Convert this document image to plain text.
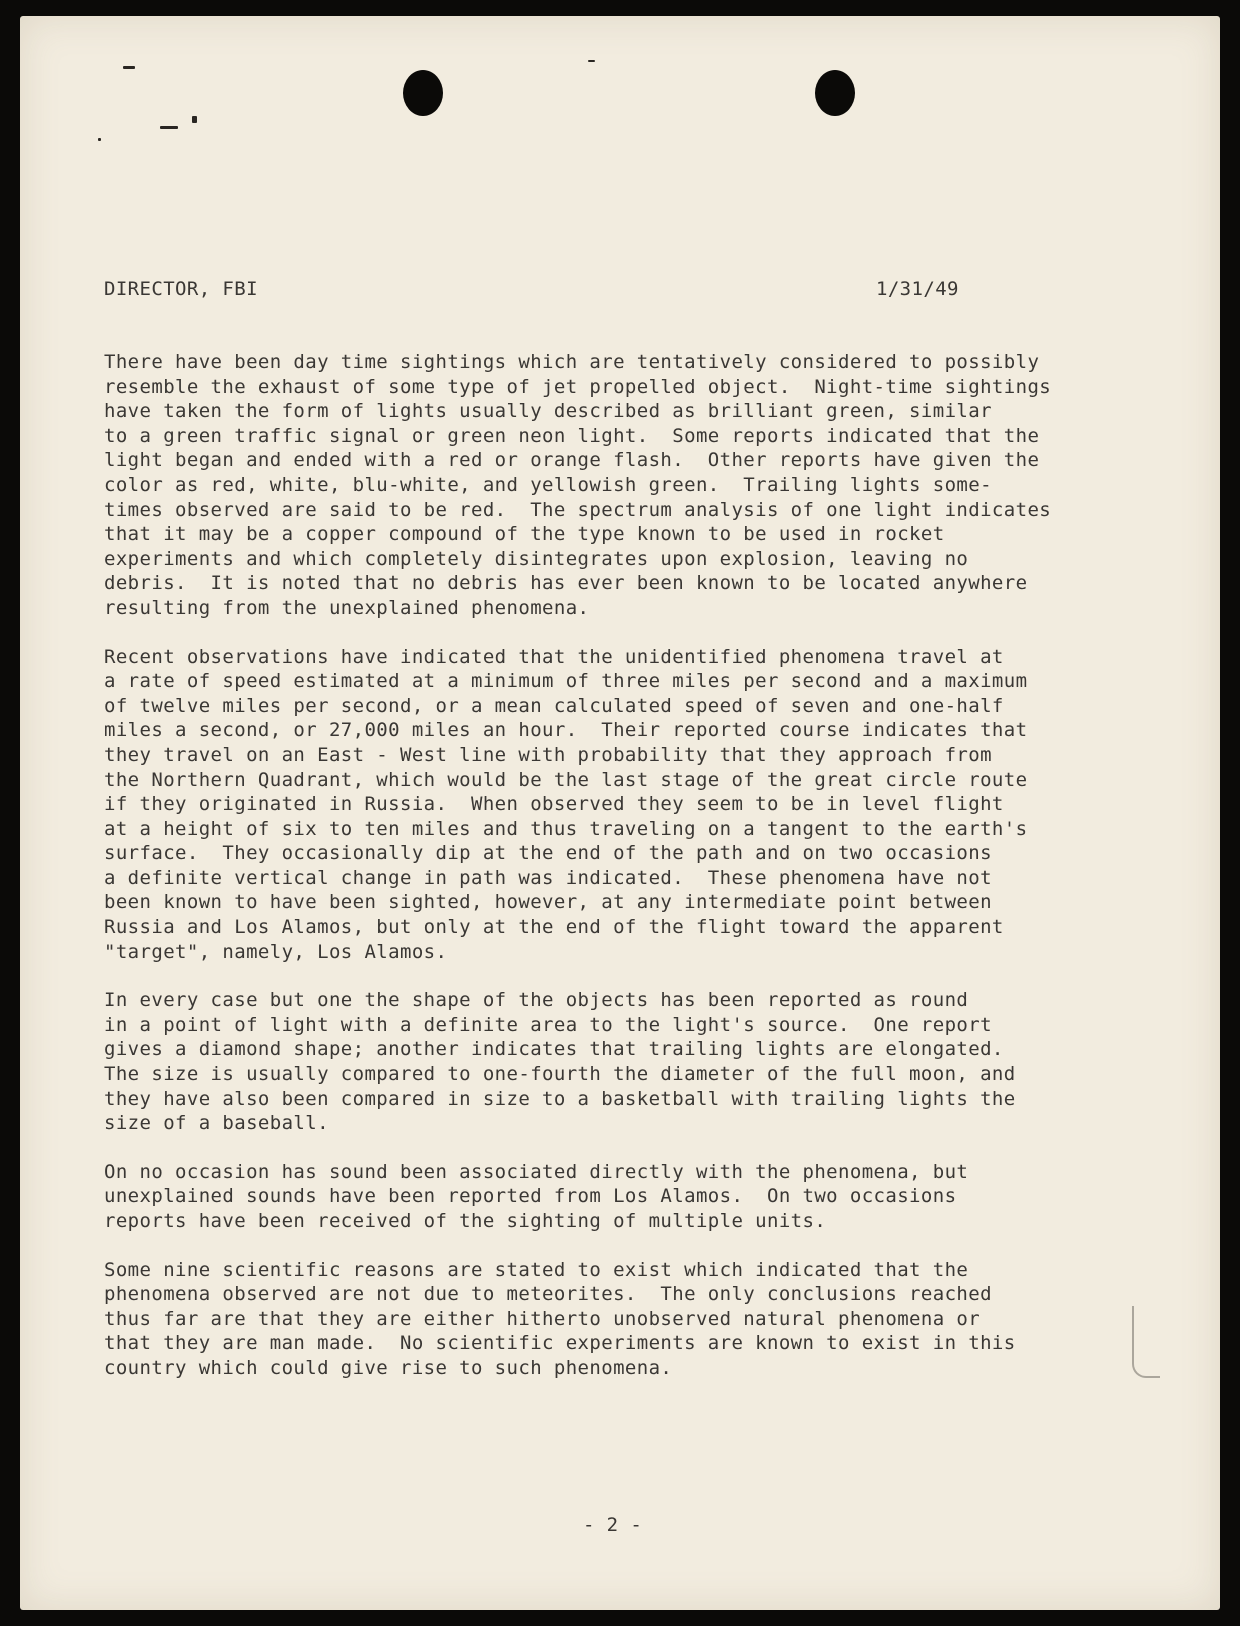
DIRECTOR, FBI	1/31/49
There have been day time sightings which are tentatively considered to possibly
resemble the exhaust of some type of jet propelled object.  Night-time sightings
have taken the form of lights usually described as brilliant green, similar
to a green traffic signal or green neon light.  Some reports indicated that the
light began and ended with a red or orange flash.  Other reports have given the
color as red, white, blu-white, and yellowish green.  Trailing lights some-
times observed are said to be red.  The spectrum analysis of one light indicates
that it may be a copper compound of the type known to be used in rocket
experiments and which completely disintegrates upon explosion, leaving no
debris.  It is noted that no debris has ever been known to be located anywhere
resulting from the unexplained phenomena.
Recent observations have indicated that the unidentified phenomena travel at
a rate of speed estimated at a minimum of three miles per second and a maximum
of twelve miles per second, or a mean calculated speed of seven and one-half
miles a second, or 27,000 miles an hour.  Their reported course indicates that
they travel on an East - West line with probability that they approach from
the Northern Quadrant, which would be the last stage of the great circle route
if they originated in Russia.  When observed they seem to be in level flight
at a height of six to ten miles and thus traveling on a tangent to the earth's
surface.  They occasionally dip at the end of the path and on two occasions
a definite vertical change in path was indicated.  These phenomena have not
been known to have been sighted, however, at any intermediate point between
Russia and Los Alamos, but only at the end of the flight toward the apparent
"target", namely, Los Alamos.
In every case but one the shape of the objects has been reported as round
in a point of light with a definite area to the light's source.  One report
gives a diamond shape; another indicates that trailing lights are elongated.
The size is usually compared to one-fourth the diameter of the full moon, and
they have also been compared in size to a basketball with trailing lights the
size of a baseball.
On no occasion has sound been associated directly with the phenomena, but
unexplained sounds have been reported from Los Alamos.  On two occasions
reports have been received of the sighting of multiple units.
Some nine scientific reasons are stated to exist which indicated that the
phenomena observed are not due to meteorites.  The only conclusions reached
thus far are that they are either hitherto unobserved natural phenomena or
that they are man made.  No scientific experiments are known to exist in this
country which could give rise to such phenomena.
- 2 -
